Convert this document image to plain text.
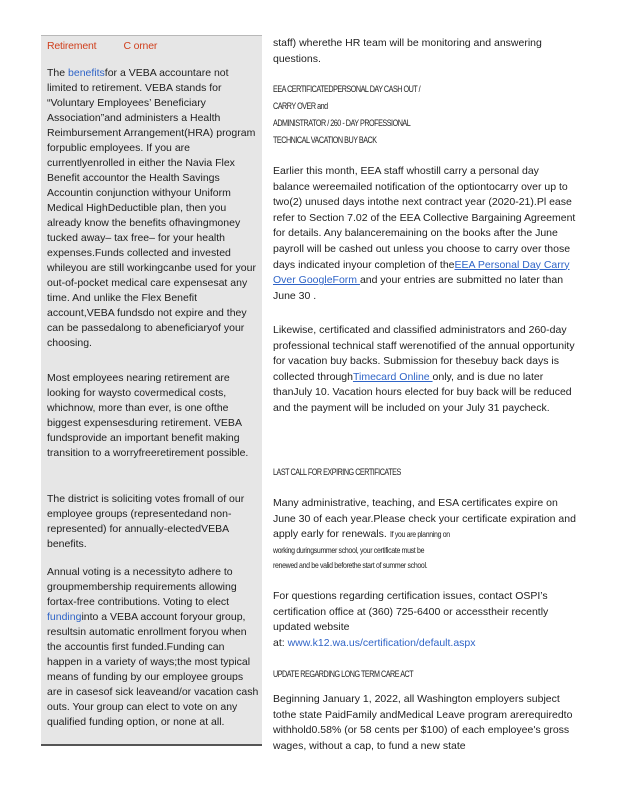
Retirement          C orner
The benefitsfor a VEBA accountare not limited to retirement. VEBA stands for “Voluntary Employees’ Beneficiary Association”and administers a Health Reimbursement Arrangement(HRA) program forpublic employees. If you are currentlyenrolled in either the Navia Flex Benefit accountor the Health Savings Accountin conjunction withyour Uniform Medical HighDeductible plan, then you already know the benefits ofhavingmoney tucked away– tax free– for your health expenses.Funds collected and invested whileyou are still workingcanbe used for your out-of-pocket medical care expensesat any time. And unlike the Flex Benefit account,VEBA fundsdo not expire and they can be passedalong to abeneficiaryof your choosing.
Most employees nearing retirement are looking for waysto covermedical costs, whichnow, more than ever, is one ofthe biggest expensesduring retirement. VEBA fundsprovide an important benefit making transition to a worryfreeretirement possible.
The district is soliciting votes fromall of our employee groups (representedand non-represented) for annually-electedVEBA benefits.
Annual voting is a necessityto adhere to groupmembership requirements allowing fortax-free contributions. Voting to elect fundinginto a VEBA account foryour group, resultsin automatic enrollment foryou when the accountis first funded.Funding can happen in a variety of ways;the most typical means of funding by our employee groups are in casesof sick leaveand/or vacation cash outs. Your group can elect to vote on any qualified funding option, or none at all.
staff) wherethe HR team will be monitoring and answering questions.
EEA CERTIFICATEDPERSONAL DAY CASH OUT /
CARRY OVER and
ADMINISTRATOR / 260 - DAY PROFESSIONAL
TECHNICAL VACATION BUY BACK
Earlier this month, EEA staff whostill carry a personal day balance wereemailed notification of the optiontocarry over up to two(2) unused days intothe next contract year (2020-21).Pl ease refer to Section 7.02 of the EEA Collective Bargaining Agreement for details. Any balanceremaining on the books after the June payroll will be cashed out unless you choose to carry over those days indicated inyour completion of theEEA Personal Day Carry Over GoogleForm and your entries are submitted no later than June 30 .
Likewise, certificated and classified administrators and 260-day professional technical staff werenotified of the annual opportunity for vacation buy backs. Submission for thesebuy back days is collected throughTimecard Online only, and is due no later thanJuly 10. Vacation hours elected for buy back will be reduced and the payment will be included on your July 31 paycheck.
LAST CALL FOR EXPIRING CERTIFICATES
Many administrative, teaching, and ESA certificates expire on June 30 of each year.Please check your certificate expiration and apply early for renewals. If you are planning on
working duringsummer school, your certificate must be
renewed and be valid beforethe start of summer school.
For questions regarding certification issues, contact OSPI’s certification office at (360) 725-6400 or accesstheir recently updated website
at: www.k12.wa.us/certification/default.aspx
UPDATE REGARDING LONG TERM CARE ACT
Beginning January 1, 2022, all Washington employers subject tothe state PaidFamily andMedical Leave program arerequiredto withhold0.58% (or 58 cents per $100) of each employee's gross wages, without a cap, to fund a new state
